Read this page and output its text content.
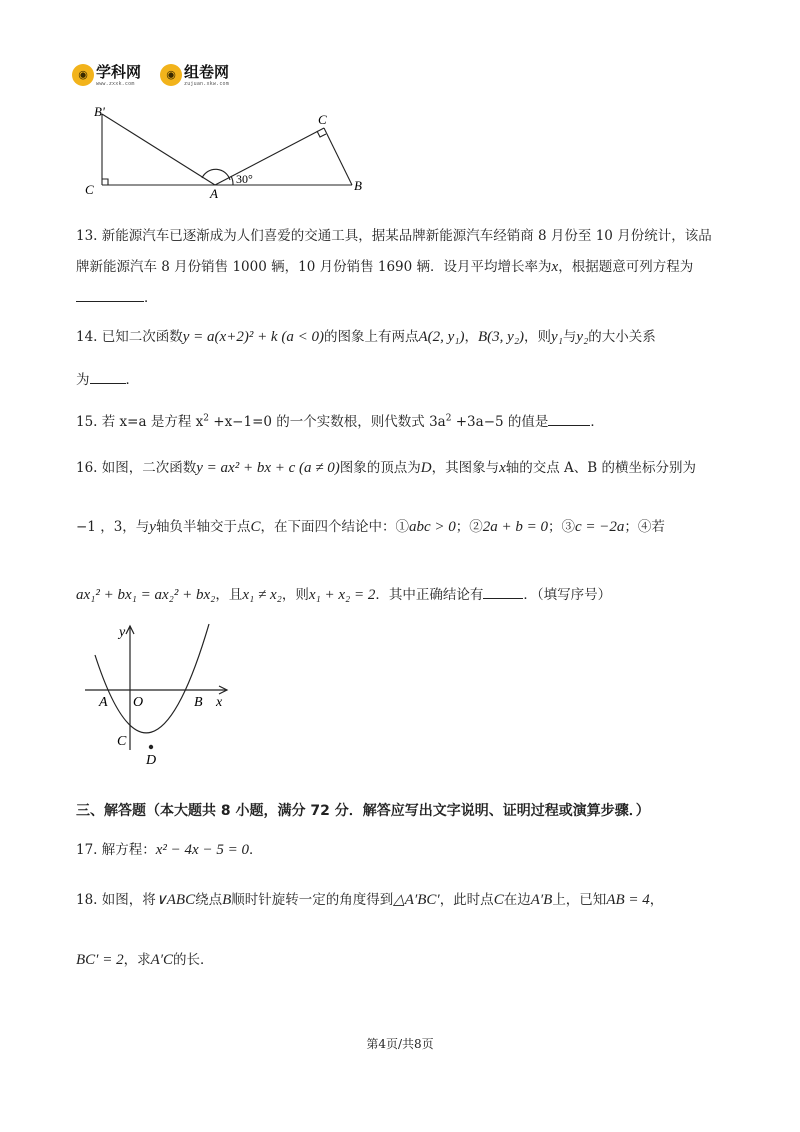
◉ 学科网
www.zxxk.com
◉ 组卷网
zujuan.xkw.com
B'
C	A
30°
C
B
13. 新能源汽车已逐渐成为人们喜爱的交通工具，据某品牌新能源汽车经销商 8 月份至 10 月份统计，该品
牌新能源汽车 8 月份销售 1000 辆，10 月份销售 1690 辆．设月平均增长率为x，根据题意可列方程为
．
14. 已知二次函数y = a(x+2)² + k (a < 0)的图象上有两点A(2, y₁)，B(3, y₂)，则y₁与y₂的大小关系
为	．
15. 若 x=a 是方程 $x^2 +x-1=0$ 的一个实数根，则代数式 $3a^2 +3a-5$ 的值是	．
16. 如图，二次函数y = ax² + bx + c (a ≠ 0)图象的顶点为D，其图象与x轴的交点 A、B 的横坐标分别为
−1 ，3，与y轴负半轴交于点C，在下面四个结论中：①abc > 0；②2a + b = 0；③c = −2a；④若
ax₁² + bx₁ = ax₂² + bx₂，且x₁ ≠ x₂，则x₁ + x₂ = 2．其中正确结论有	．（填写序号）
y
A O	B x
C
D
三、解答题（本大题共 8 小题，满分 72 分．解答应写出文字说明、证明过程或演算步骤．）
17. 解方程：x² − 4x − 5 = 0．
18. 如图，将∨ABC绕点B顺时针旋转一定的角度得到△A′BC′，此时点C在边A′B上，已知AB = 4，
BC′ = 2，求A′C的长．
第4页/共8页
